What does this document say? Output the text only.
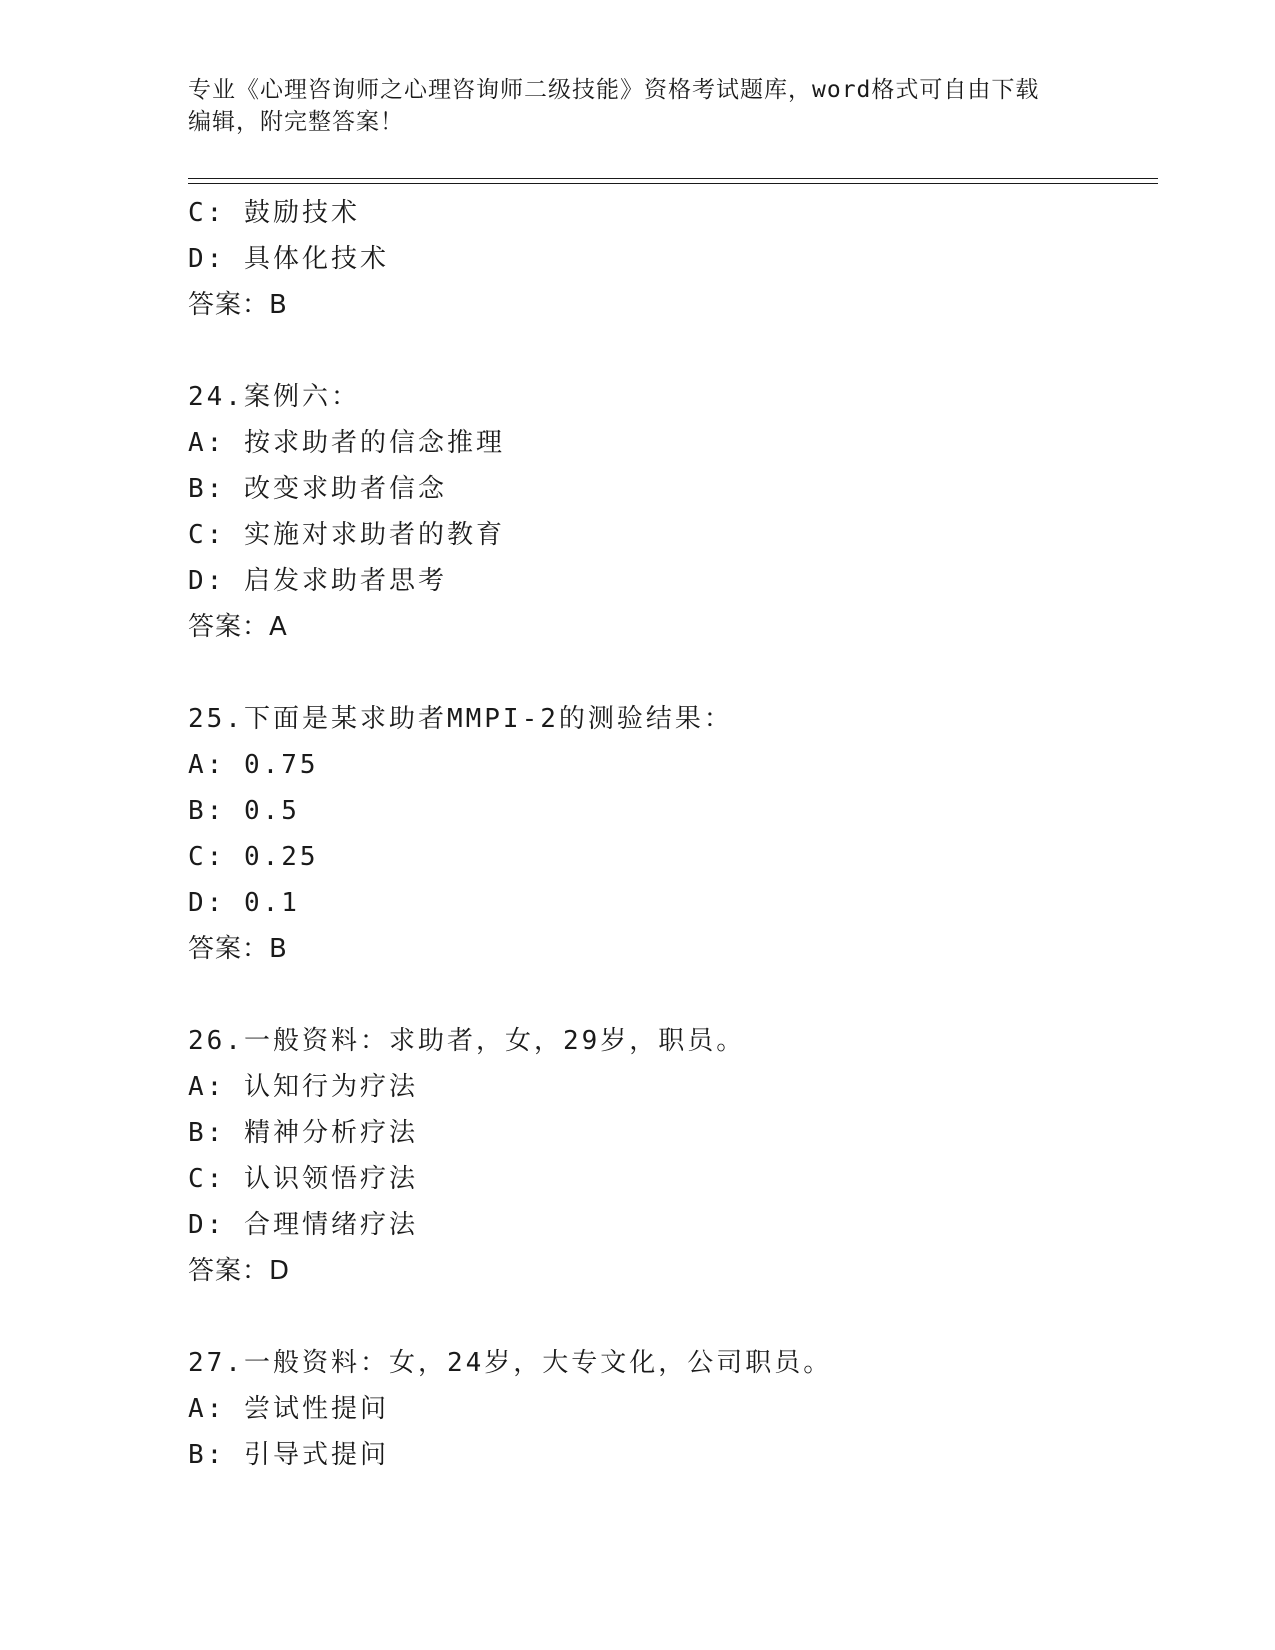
专业《心理咨询师之心理咨询师二级技能》资格考试题库，word格式可自由下载
编辑，附完整答案！
C: 鼓励技术
D: 具体化技术
答案：B
24.案例六：
A: 按求助者的信念推理
B: 改变求助者信念
C: 实施对求助者的教育
D: 启发求助者思考
答案：A
25.下面是某求助者MMPI-2的测验结果：
A: 0.75
B: 0.5
C: 0.25
D: 0.1
答案：B
26.一般资料：求助者，女，29岁，职员。
A: 认知行为疗法
B: 精神分析疗法
C: 认识领悟疗法
D: 合理情绪疗法
答案：D
27.一般资料：女，24岁，大专文化，公司职员。
A: 尝试性提问
B: 引导式提问
